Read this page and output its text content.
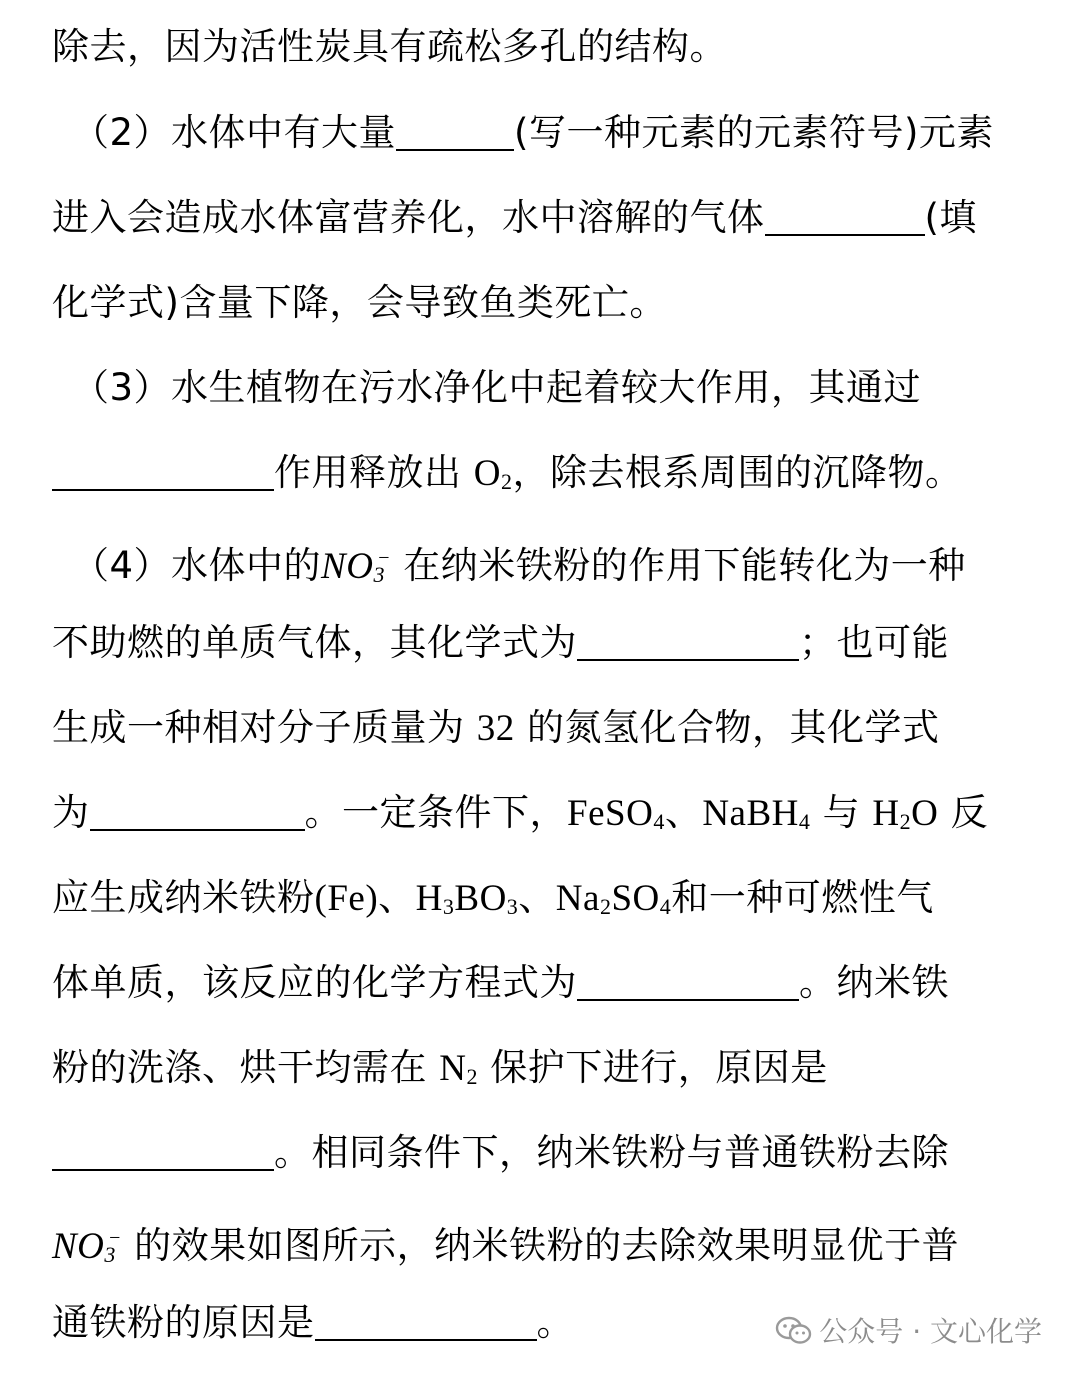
除去，因为活性炭具有疏松多孔的结构。
（2）水体中有大量	(写一种元素的元素符号)元素
进入会造成水体富营养化，水中溶解的气体	(填
化学式)含量下降，会导致鱼类死亡。
（3）水生植物在污水净化中起着较大作用，其通过
作用释放出 O2，除去根系周围的沉降物。
（4）水体中的NO3− 在纳米铁粉的作用下能转化为一种
不助燃的单质气体，其化学式为	；也可能
生成一种相对分子质量为 32 的氮氢化合物，其化学式
为	。一定条件下，FeSO4、NaBH4 与 H2O 反
应生成纳米铁粉(Fe)、H3BO3、Na2SO4和一种可燃性气
体单质，该反应的化学方程式为	。纳米铁
粉的洗涤、烘干均需在 N2 保护下进行，原因是
。相同条件下，纳米铁粉与普通铁粉去除
NO3− 的效果如图所示，纳米铁粉的去除效果明显优于普
通铁粉的原因是	。	公众号 · 文心化学
